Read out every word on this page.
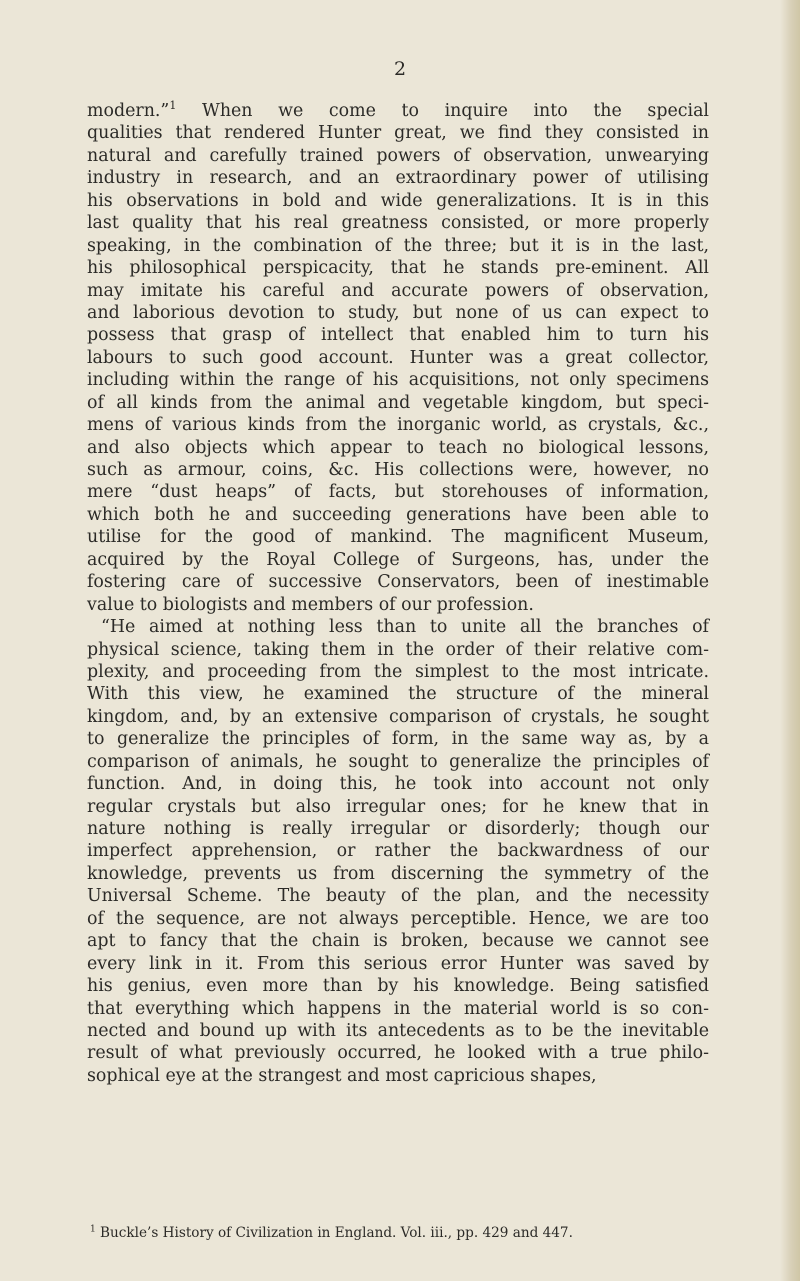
2
modern.”$^1$ When we come to inquire into the special
qualities that rendered Hunter great, we find they consisted in
natural and carefully trained powers of observation, unwearying
industry in research, and an extraordinary power of utilising
his observations in bold and wide generalizations. It is in this
last quality that his real greatness consisted, or more properly
speaking, in the combination of the three; but it is in the last,
his philosophical perspicacity, that he stands pre-eminent. All
may imitate his careful and accurate powers of observation,
and laborious devotion to study, but none of us can expect to
possess that grasp of intellect that enabled him to turn his
labours to such good account. Hunter was a great collector,
including within the range of his acquisitions, not only specimens
of all kinds from the animal and vegetable kingdom, but speci-
mens of various kinds from the inorganic world, as crystals, &c.,
and also objects which appear to teach no biological lessons,
such as armour, coins, &c. His collections were, however, no
mere “dust heaps” of facts, but storehouses of information,
which both he and succeeding generations have been able to
utilise for the good of mankind. The magnificent Museum,
acquired by the Royal College of Surgeons, has, under the
fostering care of successive Conservators, been of inestimable
value to biologists and members of our profession.
“He aimed at nothing less than to unite all the branches of
physical science, taking them in the order of their relative com-
plexity, and proceeding from the simplest to the most intricate.
With this view, he examined the structure of the mineral
kingdom, and, by an extensive comparison of crystals, he sought
to generalize the principles of form, in the same way as, by a
comparison of animals, he sought to generalize the principles of
function. And, in doing this, he took into account not only
regular crystals but also irregular ones; for he knew that in
nature nothing is really irregular or disorderly; though our
imperfect apprehension, or rather the backwardness of our
knowledge, prevents us from discerning the symmetry of the
Universal Scheme. The beauty of the plan, and the necessity
of the sequence, are not always perceptible. Hence, we are too
apt to fancy that the chain is broken, because we cannot see
every link in it. From this serious error Hunter was saved by
his genius, even more than by his knowledge. Being satisfied
that everything which happens in the material world is so con-
nected and bound up with its antecedents as to be the inevitable
result of what previously occurred, he looked with a true philo-
sophical eye at the strangest and most capricious shapes,
$^1$ Buckle’s History of Civilization in England. Vol. iii., pp. 429 and 447.
